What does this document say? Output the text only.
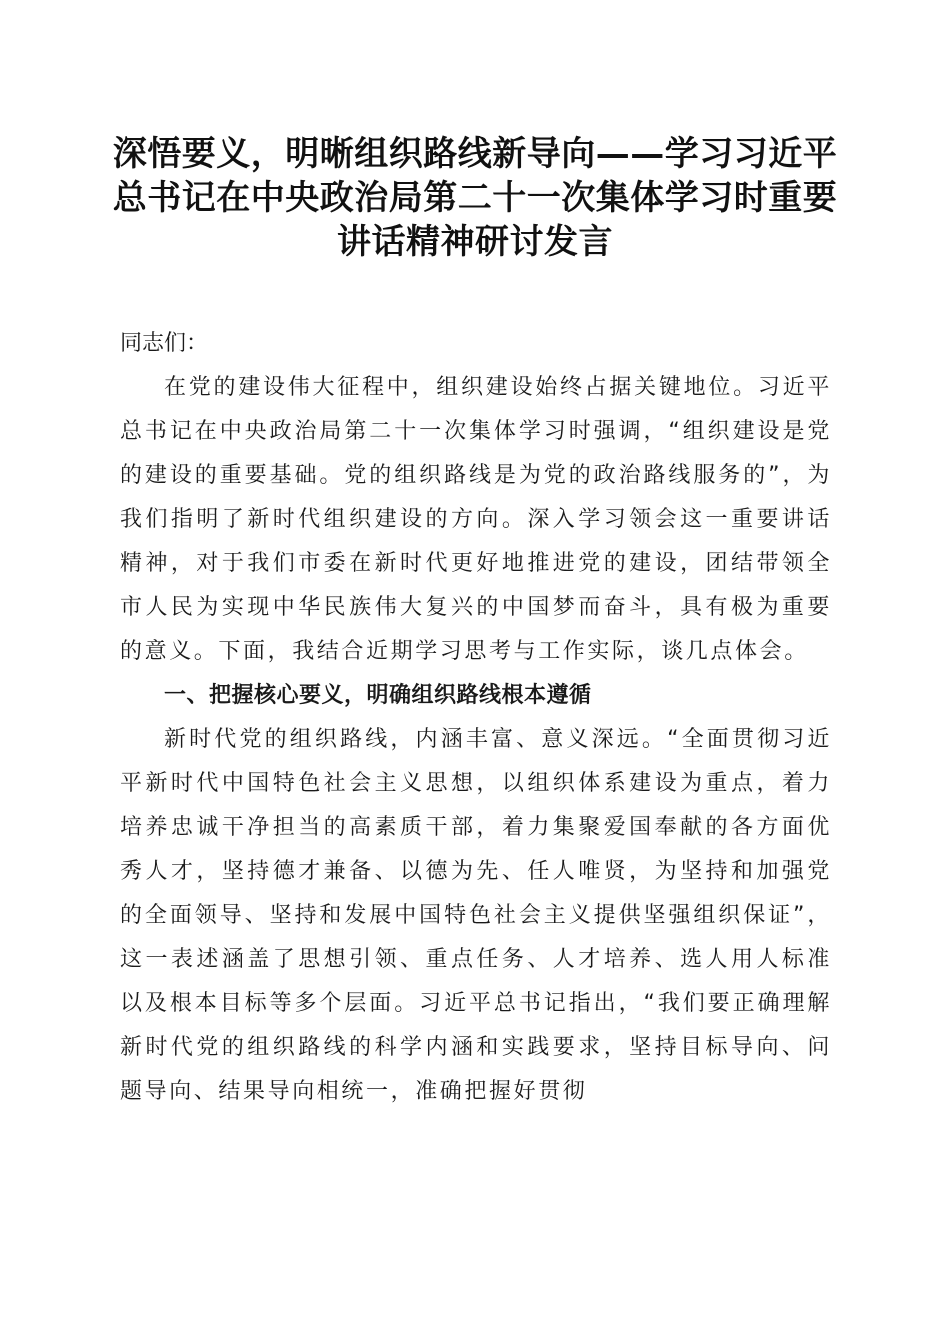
深悟要义，明晰组织路线新导向——学习习近平总书记在中央政治局第二十一次集体学习时重要讲话精神研讨发言

同志们：

在党的建设伟大征程中，组织建设始终占据关键地位。习近平总书记在中央政治局第二十一次集体学习时强调，“组织建设是党的建设的重要基础。党的组织路线是为党的政治路线服务的”，为我们指明了新时代组织建设的方向。深入学习领会这一重要讲话精神，对于我们市委在新时代更好地推进党的建设，团结带领全市人民为实现中华民族伟大复兴的中国梦而奋斗，具有极为重要的意义。下面，我结合近期学习思考与工作实际，谈几点体会。

一、把握核心要义，明确组织路线根本遵循

新时代党的组织路线，内涵丰富、意义深远。“全面贯彻习近平新时代中国特色社会主义思想，以组织体系建设为重点，着力培养忠诚干净担当的高素质干部，着力集聚爱国奉献的各方面优秀人才，坚持德才兼备、以德为先、任人唯贤，为坚持和加强党的全面领导、坚持和发展中国特色社会主义提供坚强组织保证”，这一表述涵盖了思想引领、重点任务、人才培养、选人用人标准以及根本目标等多个层面。习近平总书记指出，“我们要正确理解新时代党的组织路线的科学内涵和实践要求，坚持目标导向、问题导向、结果导向相统一，准确把握好贯彻
